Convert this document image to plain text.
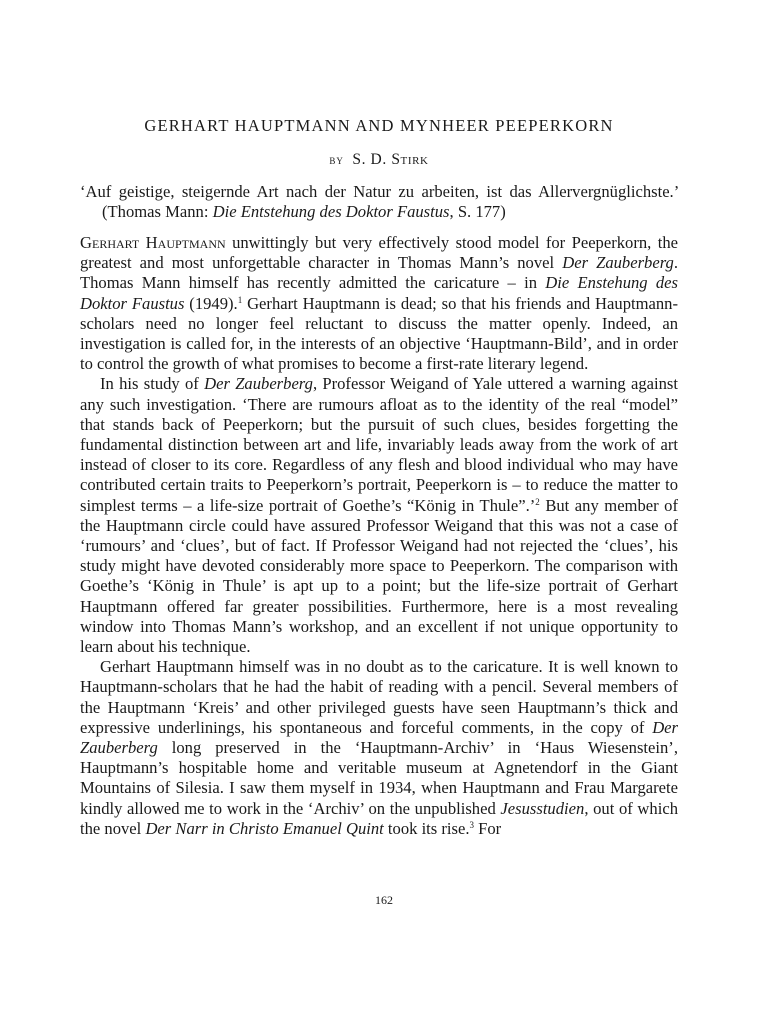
GERHART HAUPTMANN AND MYNHEER PEEPERKORN
by S. D. Stirk
‘Auf geistige, steigernde Art nach der Natur zu arbeiten, ist das Allervergnüglichste.’ (Thomas Mann: Die Entstehung des Doktor Faustus, S. 177)

Gerhart Hauptmann unwittingly but very effectively stood model for Peeperkorn, the greatest and most unforgettable character in Thomas Mann’s novel Der Zauberberg. Thomas Mann himself has recently admitted the caricature – in Die Enstehung des Doktor Faustus (1949).$^1$ Gerhart Hauptmann is dead; so that his friends and Hauptmann-scholars need no longer feel reluctant to discuss the matter openly. Indeed, an investigation is called for, in the interests of an objective ‘Hauptmann-Bild’, and in order to control the growth of what promises to become a first-rate literary legend.

In his study of Der Zauberberg, Professor Weigand of Yale uttered a warning against any such investigation. ‘There are rumours afloat as to the identity of the real “model” that stands back of Peeperkorn; but the pursuit of such clues, besides forgetting the fundamental distinction between art and life, invariably leads away from the work of art instead of closer to its core. Regardless of any flesh and blood individual who may have contributed certain traits to Peeperkorn’s portrait, Peeperkorn is – to reduce the matter to simplest terms – a life-size portrait of Goethe’s “König in Thule”.’$^2$ But any member of the Hauptmann circle could have assured Professor Weigand that this was not a case of ‘rumours’ and ‘clues’, but of fact. If Professor Weigand had not rejected the ‘clues’, his study might have devoted considerably more space to Peeperkorn. The comparison with Goethe’s ‘König in Thule’ is apt up to a point; but the life-size portrait of Gerhart Hauptmann offered far greater possibilities. Furthermore, here is a most revealing window into Thomas Mann’s workshop, and an excellent if not unique opportunity to learn about his technique.

Gerhart Hauptmann himself was in no doubt as to the caricature. It is well known to Hauptmann-scholars that he had the habit of reading with a pencil. Several members of the Hauptmann ‘Kreis’ and other privileged guests have seen Hauptmann’s thick and expressive underlinings, his spontaneous and forceful comments, in the copy of Der Zauberberg long preserved in the ‘Hauptmann-Archiv’ in ‘Haus Wiesenstein’, Hauptmann’s hospitable home and veritable museum at Agnetendorf in the Giant Mountains of Silesia. I saw them myself in 1934, when Hauptmann and Frau Margarete kindly allowed me to work in the ‘Archiv’ on the unpublished Jesusstudien, out of which the novel Der Narr in Christo Emanuel Quint took its rise.$^3$ For

162
